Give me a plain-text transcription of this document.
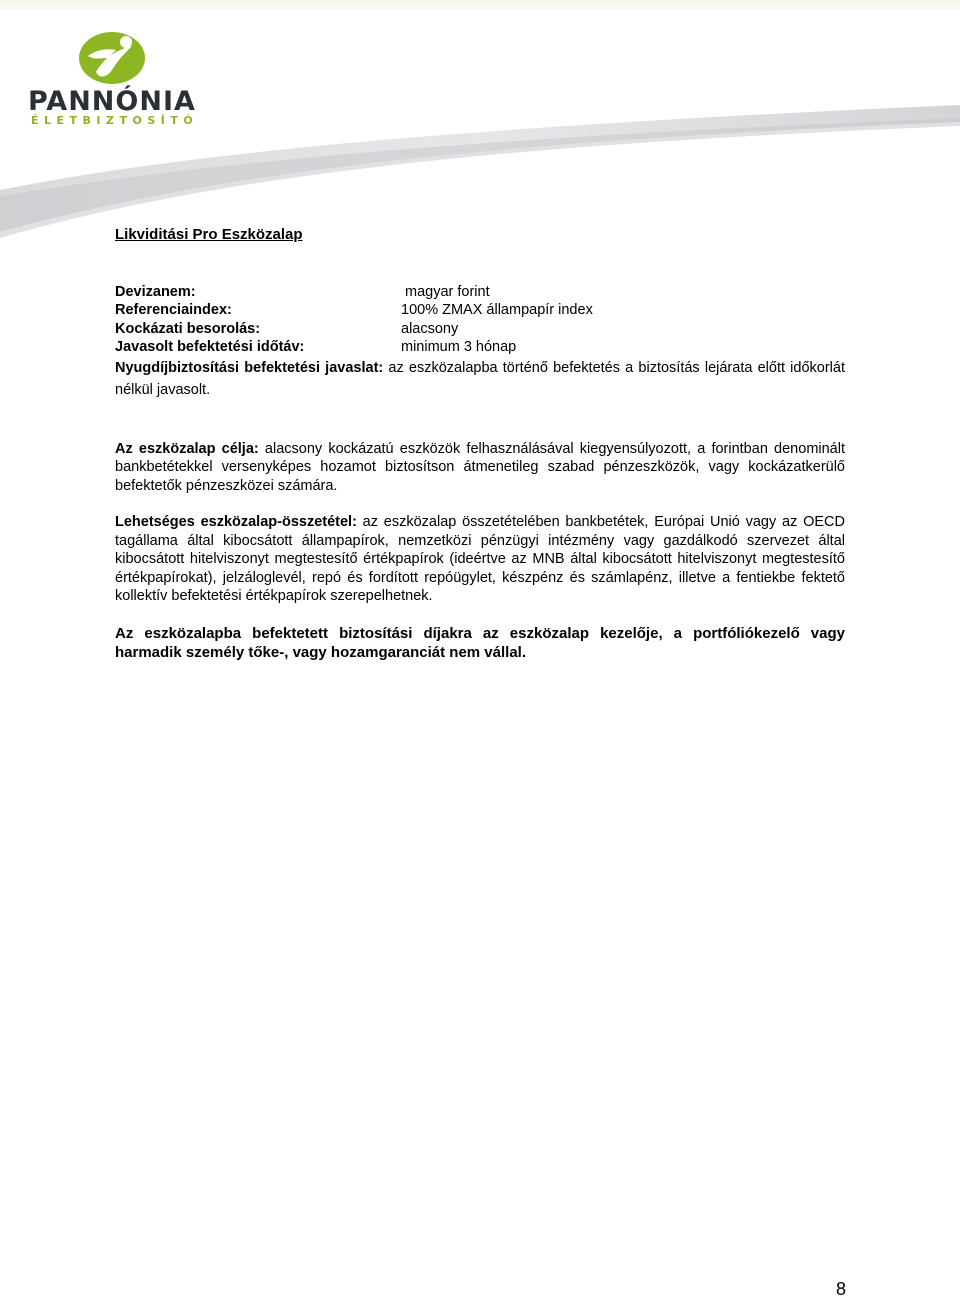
PANNÓNIA
ÉLETBIZTOSÍTÓ
Likviditási Pro Eszközalap
Devizanem:	magyar forint
Referenciaindex:	100% ZMAX állampapír index
Kockázati besorolás:	alacsony
Javasolt befektetési időtáv:	minimum 3 hónap
Nyugdíjbiztosítási befektetési javaslat: az eszközalapba történő befektetés a biztosítás lejárata előtt időkorlát nélkül javasolt.

Az eszközalap célja: alacsony kockázatú eszközök felhasználásával kiegyensúlyozott, a forintban denominált bankbetétekkel versenyképes hozamot biztosítson átmenetileg szabad pénzeszközök, vagy kockázatkerülő befektetők pénzeszközei számára.

Lehetséges eszközalap-összetétel: az eszközalap összetételében bankbetétek, Európai Unió vagy az OECD tagállama által kibocsátott állampapírok, nemzetközi pénzügyi intézmény vagy gazdálkodó szervezet által kibocsátott hitelviszonyt megtestesítő értékpapírok (ideértve az MNB által kibocsátott hitelviszonyt megtestesítő értékpapírokat), jelzáloglevél, repó és fordított repóügylet, készpénz és számlapénz, illetve a fentiekbe fektető kollektív befektetési értékpapírok szerepelhetnek.

Az eszközalapba befektetett biztosítási díjakra az eszközalap kezelője, a portfóliókezelő vagy harmadik személy tőke-, vagy hozamgaranciát nem vállal.

8
